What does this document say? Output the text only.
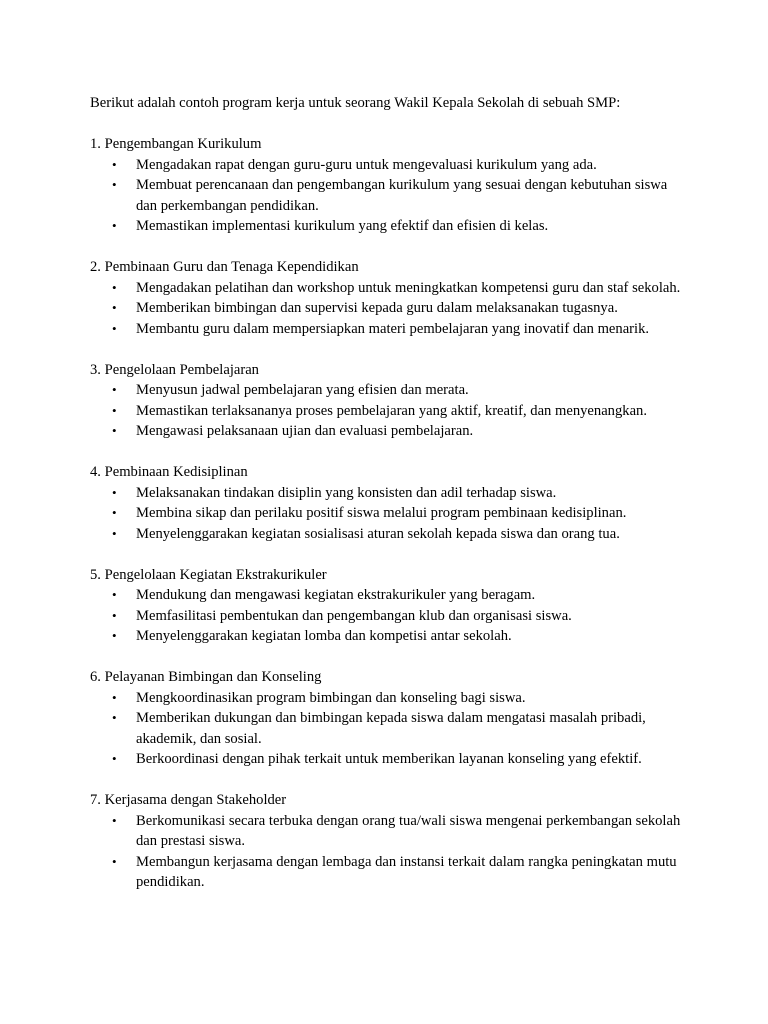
Berikut adalah contoh program kerja untuk seorang Wakil Kepala Sekolah di sebuah SMP:

1. Pengembangan Kurikulum

• Mengadakan rapat dengan guru-guru untuk mengevaluasi kurikulum yang ada.
• Membuat perencanaan dan pengembangan kurikulum yang sesuai dengan kebutuhan siswa dan perkembangan pendidikan.
• Memastikan implementasi kurikulum yang efektif dan efisien di kelas.

2. Pembinaan Guru dan Tenaga Kependidikan

• Mengadakan pelatihan dan workshop untuk meningkatkan kompetensi guru dan staf sekolah.
• Memberikan bimbingan dan supervisi kepada guru dalam melaksanakan tugasnya.
• Membantu guru dalam mempersiapkan materi pembelajaran yang inovatif dan menarik.

3. Pengelolaan Pembelajaran

• Menyusun jadwal pembelajaran yang efisien dan merata.
• Memastikan terlaksananya proses pembelajaran yang aktif, kreatif, dan menyenangkan.
• Mengawasi pelaksanaan ujian dan evaluasi pembelajaran.

4. Pembinaan Kedisiplinan

• Melaksanakan tindakan disiplin yang konsisten dan adil terhadap siswa.
• Membina sikap dan perilaku positif siswa melalui program pembinaan kedisiplinan.
• Menyelenggarakan kegiatan sosialisasi aturan sekolah kepada siswa dan orang tua.

5. Pengelolaan Kegiatan Ekstrakurikuler

• Mendukung dan mengawasi kegiatan ekstrakurikuler yang beragam.
• Memfasilitasi pembentukan dan pengembangan klub dan organisasi siswa.
• Menyelenggarakan kegiatan lomba dan kompetisi antar sekolah.

6. Pelayanan Bimbingan dan Konseling

• Mengkoordinasikan program bimbingan dan konseling bagi siswa.
• Memberikan dukungan dan bimbingan kepada siswa dalam mengatasi masalah pribadi, akademik, dan sosial.
• Berkoordinasi dengan pihak terkait untuk memberikan layanan konseling yang efektif.

7. Kerjasama dengan Stakeholder

• Berkomunikasi secara terbuka dengan orang tua/wali siswa mengenai perkembangan sekolah dan prestasi siswa.
• Membangun kerjasama dengan lembaga dan instansi terkait dalam rangka peningkatan mutu pendidikan.
